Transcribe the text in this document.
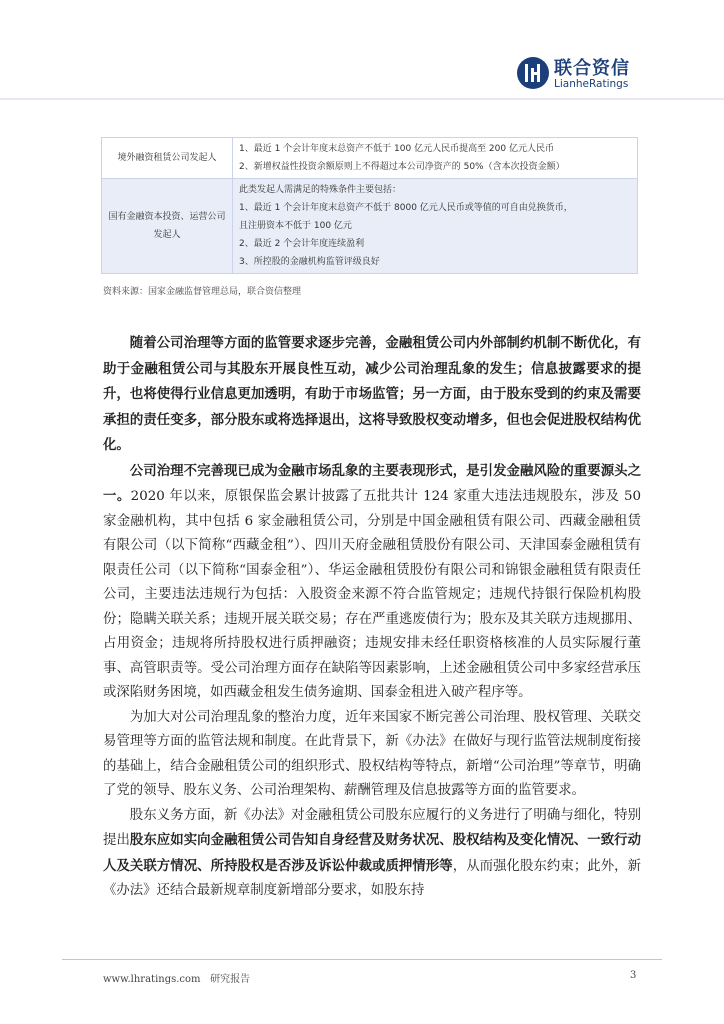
联合资信
LianheRatings
境外融资租赁公司发起人	1、最近 1 个会计年度末总资产不低于 100 亿元人民币提高至 200 亿元人民币
2、新增权益性投资余额原则上不得超过本公司净资产的 50%（含本次投资金额）

国有金融资本投资、运营公司发起人	此类发起人需满足的特殊条件主要包括：
1、最近 1 个会计年度末总资产不低于 8000 亿元人民币或等值的可自由兑换货币，
且注册资本不低于 100 亿元
2、最近 2 个会计年度连续盈利
3、所控股的金融机构监管评级良好
资料来源：国家金融监督管理总局，联合资信整理

随着公司治理等方面的监管要求逐步完善，金融租赁公司内外部制约机制不断优化，有助于金融租赁公司与其股东开展良性互动，减少公司治理乱象的发生；信息披露要求的提升，也将使得行业信息更加透明，有助于市场监管；另一方面，由于股东受到的约束及需要承担的责任变多，部分股东或将选择退出，这将导致股权变动增多，但也会促进股权结构优化。

公司治理不完善现已成为金融市场乱象的主要表现形式，是引发金融风险的重要源头之一。2020 年以来，原银保监会累计披露了五批共计 124 家重大违法违规股东，涉及 50 家金融机构，其中包括 6 家金融租赁公司，分别是中国金融租赁有限公司、西藏金融租赁有限公司（以下简称“西藏金租”）、四川天府金融租赁股份有限公司、天津国泰金融租赁有限责任公司（以下简称“国泰金租”）、华运金融租赁股份有限公司和锦银金融租赁有限责任公司，主要违法违规行为包括：入股资金来源不符合监管规定；违规代持银行保险机构股份；隐瞒关联关系；违规开展关联交易；存在严重逃废债行为；股东及其关联方违规挪用、占用资金；违规将所持股权进行质押融资；违规安排未经任职资格核准的人员实际履行董事、高管职责等。受公司治理方面存在缺陷等因素影响，上述金融租赁公司中多家经营承压或深陷财务困境，如西藏金租发生债务逾期、国泰金租进入破产程序等。

为加大对公司治理乱象的整治力度，近年来国家不断完善公司治理、股权管理、关联交易管理等方面的监管法规和制度。在此背景下，新《办法》在做好与现行监管法规制度衔接的基础上，结合金融租赁公司的组织形式、股权结构等特点，新增“公司治理”等章节，明确了党的领导、股东义务、公司治理架构、薪酬管理及信息披露等方面的监管要求。

股东义务方面，新《办法》对金融租赁公司股东应履行的义务进行了明确与细化，特别提出股东应如实向金融租赁公司告知自身经营及财务状况、股权结构及变化情况、一致行动人及关联方情况、所持股权是否涉及诉讼仲裁或质押情形等，从而强化股东约束；此外，新《办法》还结合最新规章制度新增部分要求，如股东持

www.lhratings.com 研究报告	3
